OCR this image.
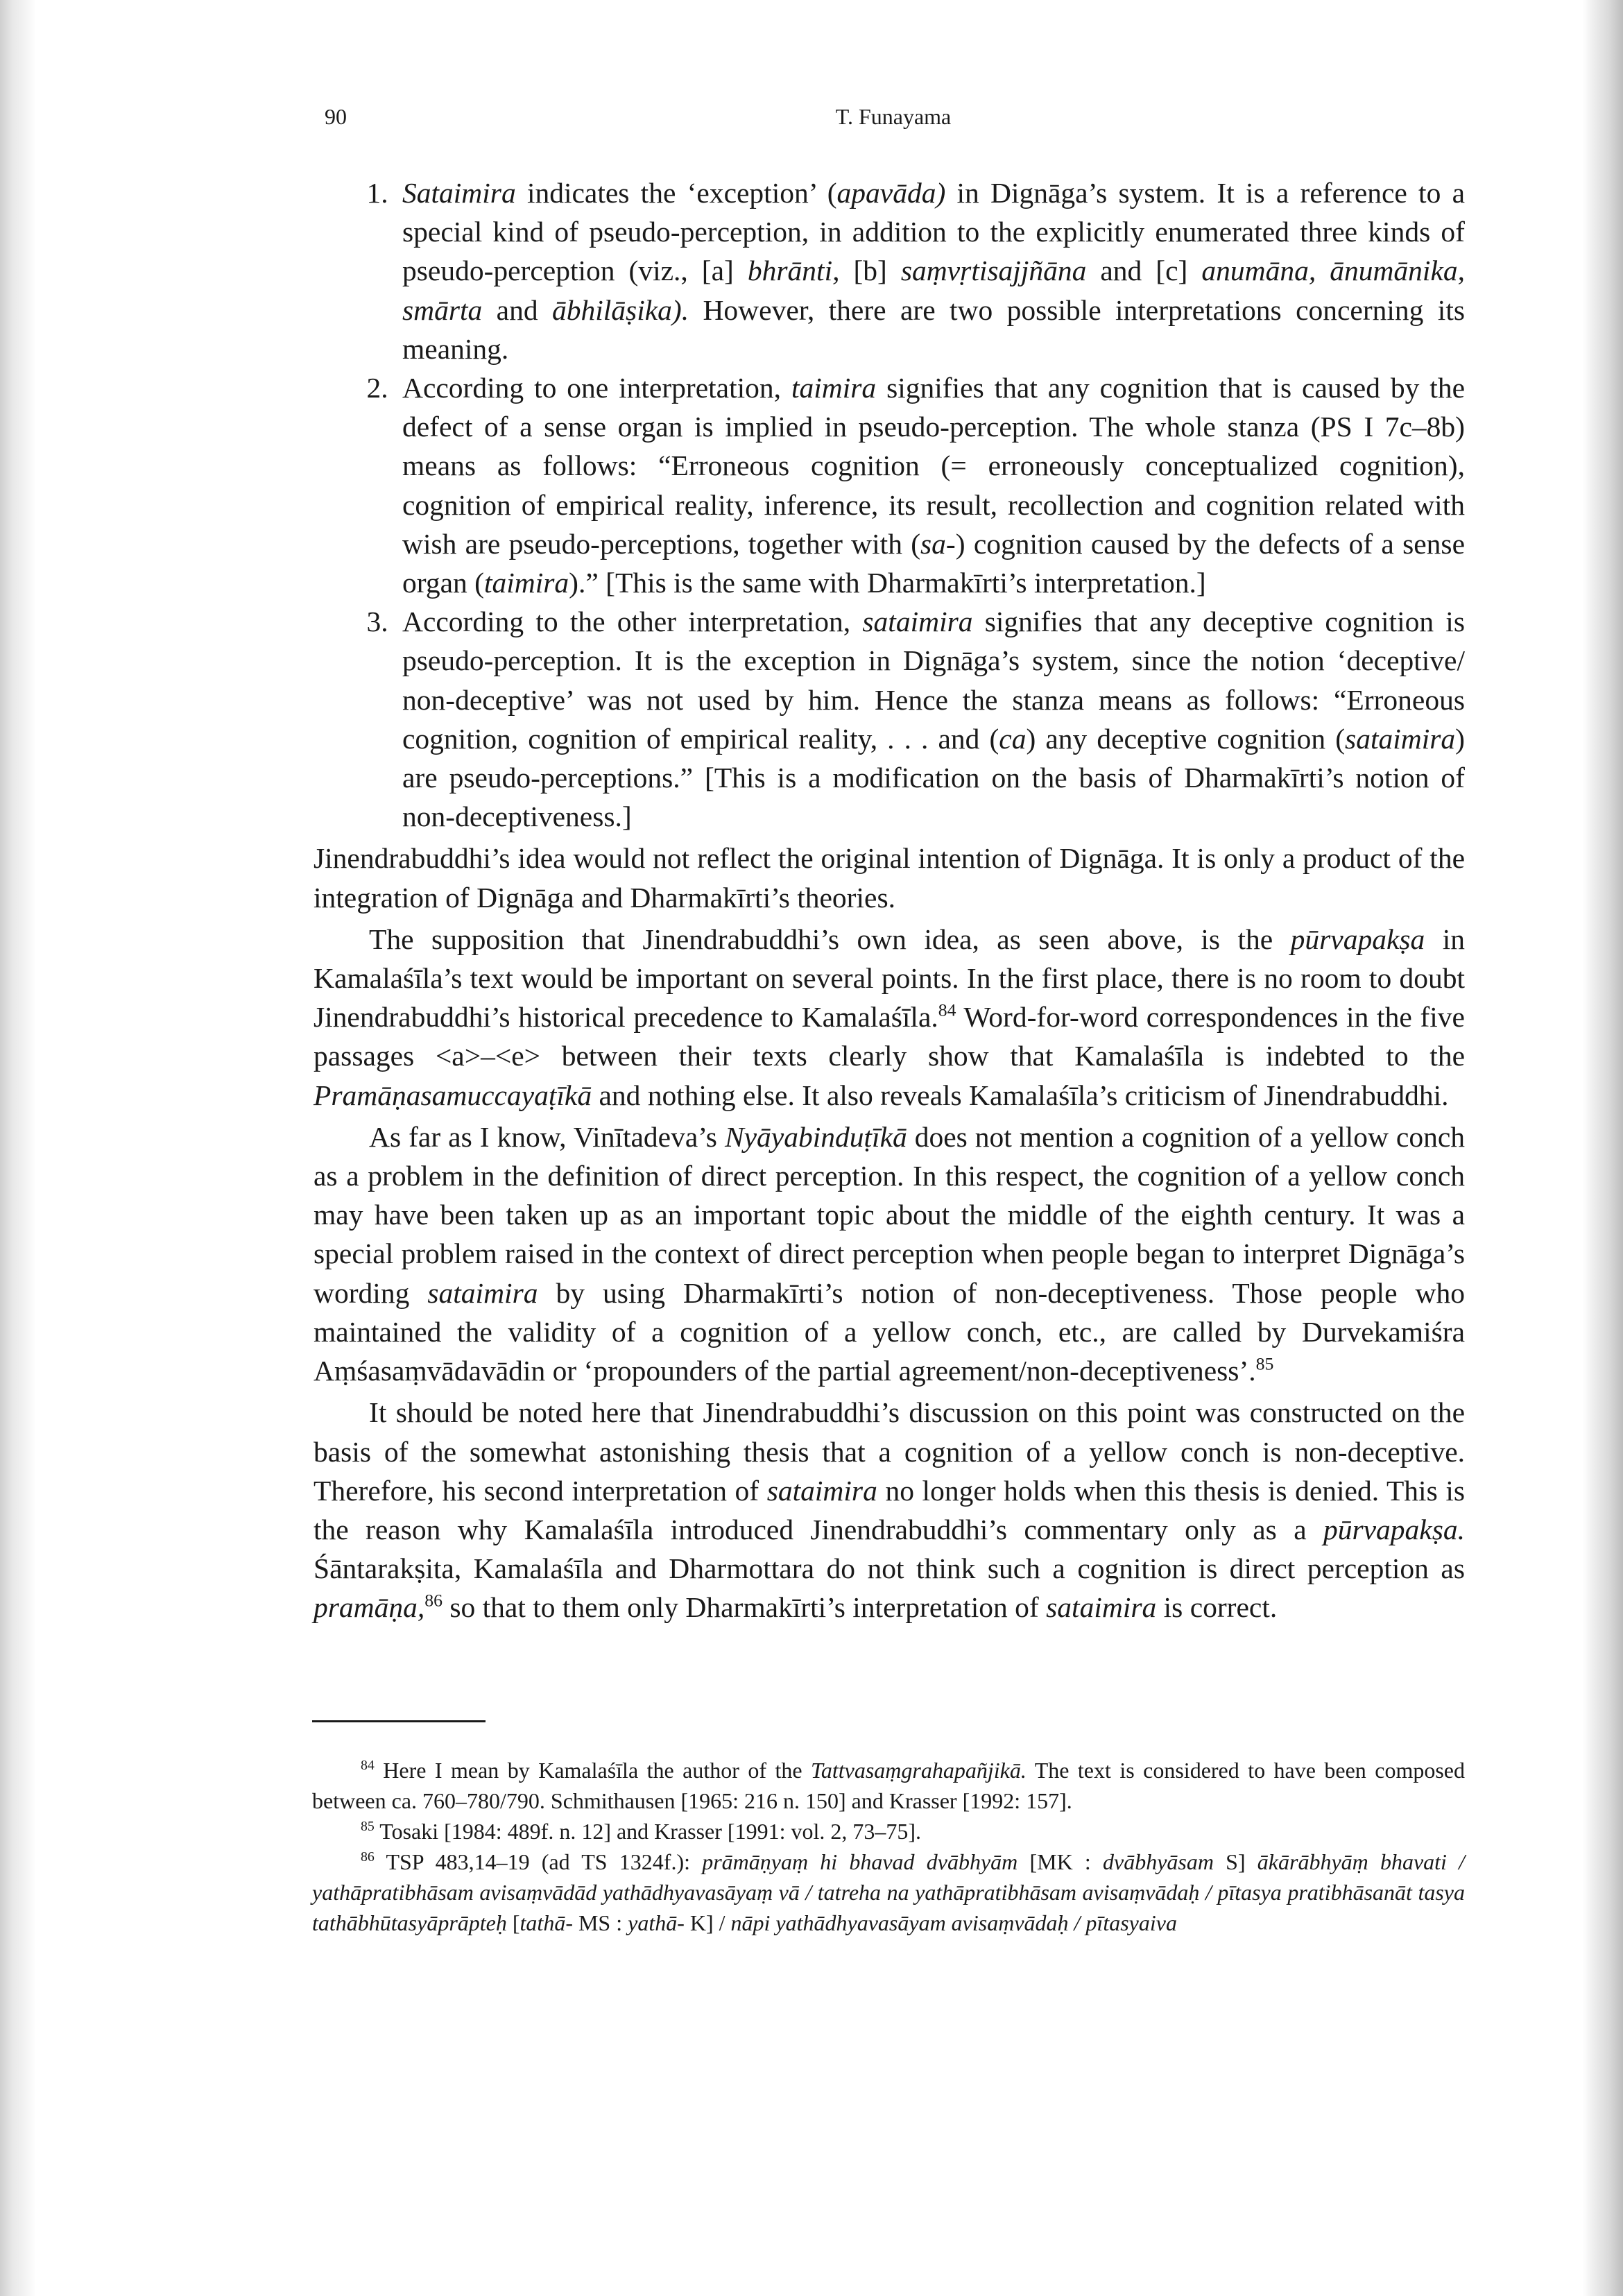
90	T. Funayama
1. Sataimira indicates the ‘exception’ (apavāda) in Dignāga’s system. It is a reference to a special kind of pseudo-perception, in addition to the explicitly enumerated three kinds of pseudo-perception (viz., [a] bhrānti, [b] saṃvṛtisajjñāna and [c] anumāna, ānumānika, smārta and ābhilāṣika). However, there are two possible interpretations concerning its meaning.
2. According to one interpretation, taimira signifies that any cognition that is caused by the defect of a sense organ is implied in pseudo-perception. The whole stanza (PS I 7c–8b) means as follows: “Erroneous cognition (= erroneously conceptualized cognition), cognition of empirical reality, inference, its result, recollection and cognition related with wish are pseudo-perceptions, together with (sa-) cognition caused by the defects of a sense organ (taimira).” [This is the same with Dharmakīrti’s interpretation.]
3. According to the other interpretation, sataimira signifies that any deceptive cognition is pseudo-perception. It is the exception in Dignāga’s system, since the notion ‘deceptive/ non-deceptive’ was not used by him. Hence the stanza means as follows: “Erroneous cognition, cognition of empirical reality, . . . and (ca) any deceptive cognition (sataimira) are pseudo-perceptions.” [This is a modification on the basis of Dharmakīrti’s notion of non-deceptiveness.]

Jinendrabuddhi’s idea would not reflect the original intention of Dignāga. It is only a product of the integration of Dignāga and Dharmakīrti’s theories.

The supposition that Jinendrabuddhi’s own idea, as seen above, is the pūrvapakṣa in Kamalaśīla’s text would be important on several points. In the first place, there is no room to doubt Jinendrabuddhi’s historical precedence to Kamalaśīla.$^{84}$ Word-for-word correspondences in the five passages <a>–<e> between their texts clearly show that Kamalaśīla is indebted to the Pramāṇasamuccayaṭīkā and nothing else. It also reveals Kamalaśīla’s criticism of Jinendrabuddhi.

As far as I know, Vinītadeva’s Nyāyabinduṭīkā does not mention a cognition of a yellow conch as a problem in the definition of direct perception. In this respect, the cognition of a yellow conch may have been taken up as an important topic about the middle of the eighth century. It was a special problem raised in the context of direct perception when people began to interpret Dignāga’s wording sataimira by using Dharmakīrti’s notion of non-deceptiveness. Those people who maintained the validity of a cognition of a yellow conch, etc., are called by Durvekamiśra Aṃśasaṃvādavādin or ‘propounders of the partial agreement/non-deceptiveness’.$^{85}$

It should be noted here that Jinendrabuddhi’s discussion on this point was constructed on the basis of the somewhat astonishing thesis that a cognition of a yellow conch is non-deceptive. Therefore, his second interpretation of sataimira no longer holds when this thesis is denied. This is the reason why Kamalaśīla introduced Jinendrabuddhi’s commentary only as a pūrvapakṣa. Śāntarakṣita, Kamalaśīla and Dharmottara do not think such a cognition is direct perception as pramāṇa,$^{86}$ so that to them only Dharmakīrti’s interpretation of sataimira is correct.

$^{84}$ Here I mean by Kamalaśīla the author of the Tattvasaṃgrahapañjikā. The text is considered to have been composed between ca. 760–780/790. Schmithausen [1965: 216 n. 150] and Krasser [1992: 157].

$^{85}$ Tosaki [1984: 489f. n. 12] and Krasser [1991: vol. 2, 73–75].

$^{86}$ TSP 483,14–19 (ad TS 1324f.): prāmāṇyaṃ hi bhavad dvābhyām [MK : dvābhyāsam S] ākārābhyāṃ bhavati / yathāpratibhāsam avisaṃvādād yathādhyavasāyaṃ vā / tatreha na yathāpratibhāsam avisaṃvādaḥ / pītasya pratibhāsanāt tasya tathābhūtasyāprāpteḥ [tathā- MS : yathā- K] / nāpi yathādhyavasāyam avisaṃvādaḥ / pītasyaiva
